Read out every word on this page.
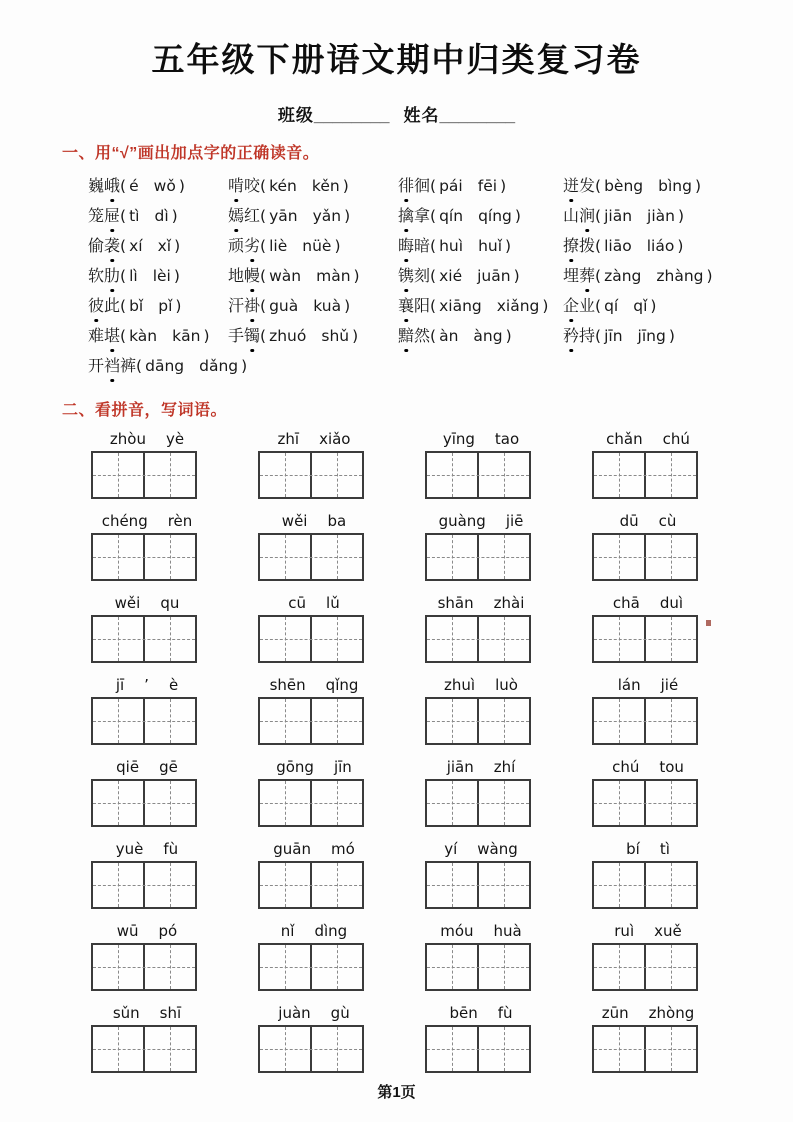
五年级下册语文期中归类复习卷
班级________ 姓名________
一、用“√”画出加点字的正确读音。
巍峨( é wǒ )	啃咬( kén kěn )	徘徊( pái fēi )	迸发( bèng bìng )
笼屉( tì dì )	嫣红( yān yǎn )	擒拿( qín qíng )	山涧( jiān jiàn )
偷袭( xí xǐ )	顽劣( liè nüè )	晦暗( huì huǐ )	撩拨( liāo liáo )
软肋( lì lèi )	地幔( wàn màn )	镌刻( xié juān )	埋葬( zàng zhàng )
彼此( bǐ pǐ )	汗褂( guà kuà )	襄阳( xiāng xiǎng ) 企业( qí qǐ )
难堪( kàn kān )	手镯( zhuó shǔ )	黯然( àn àng )	矜持( jīn jīng )
开裆裤( dāng dǎng )
二、看拼音，写词语。
zhòu yè	zhī xiǎo	yīng tao	chǎn chú
chéng rèn	wěi ba	guàng jiē	dū cù
wěi qu	cū lǔ	shān zhài	chā duì
jī ’ è	shēn qǐng	zhuì luò	lán jié
qiē gē	gōng jīn	jiān zhí	chú tou
yuè fù	guān mó	yí wàng	bí tì
wū pó	nǐ dìng	móu huà	ruì xuě
sǔn shī	juàn gù	bēn fù	zūn zhòng
第1页
